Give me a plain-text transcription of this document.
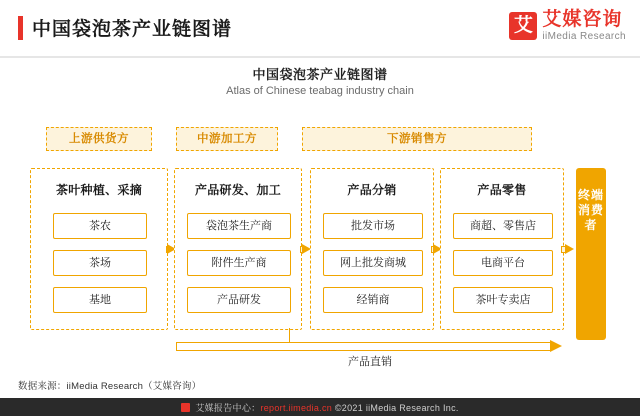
中国袋泡茶产业链图谱	艾 艾媒咨询
iiMedia Research
中国袋泡茶产业链图谱
Atlas of Chinese teabag industry chain
上游供货方	中游加工方	下游销售方
茶叶种植、采摘
茶农
茶场
基地
产品研发、加工
袋泡茶生产商
附件生产商
产品研发
产品分销
批发市场
网上批发商城
经销商
产品零售
商超、零售店
电商平台
茶叶专卖店
产品直销
终端消费者
数据来源：iiMedia Research（艾媒咨询）
艾媒报告中心：report.iimedia.cn ©2021 iiMedia Research Inc.
